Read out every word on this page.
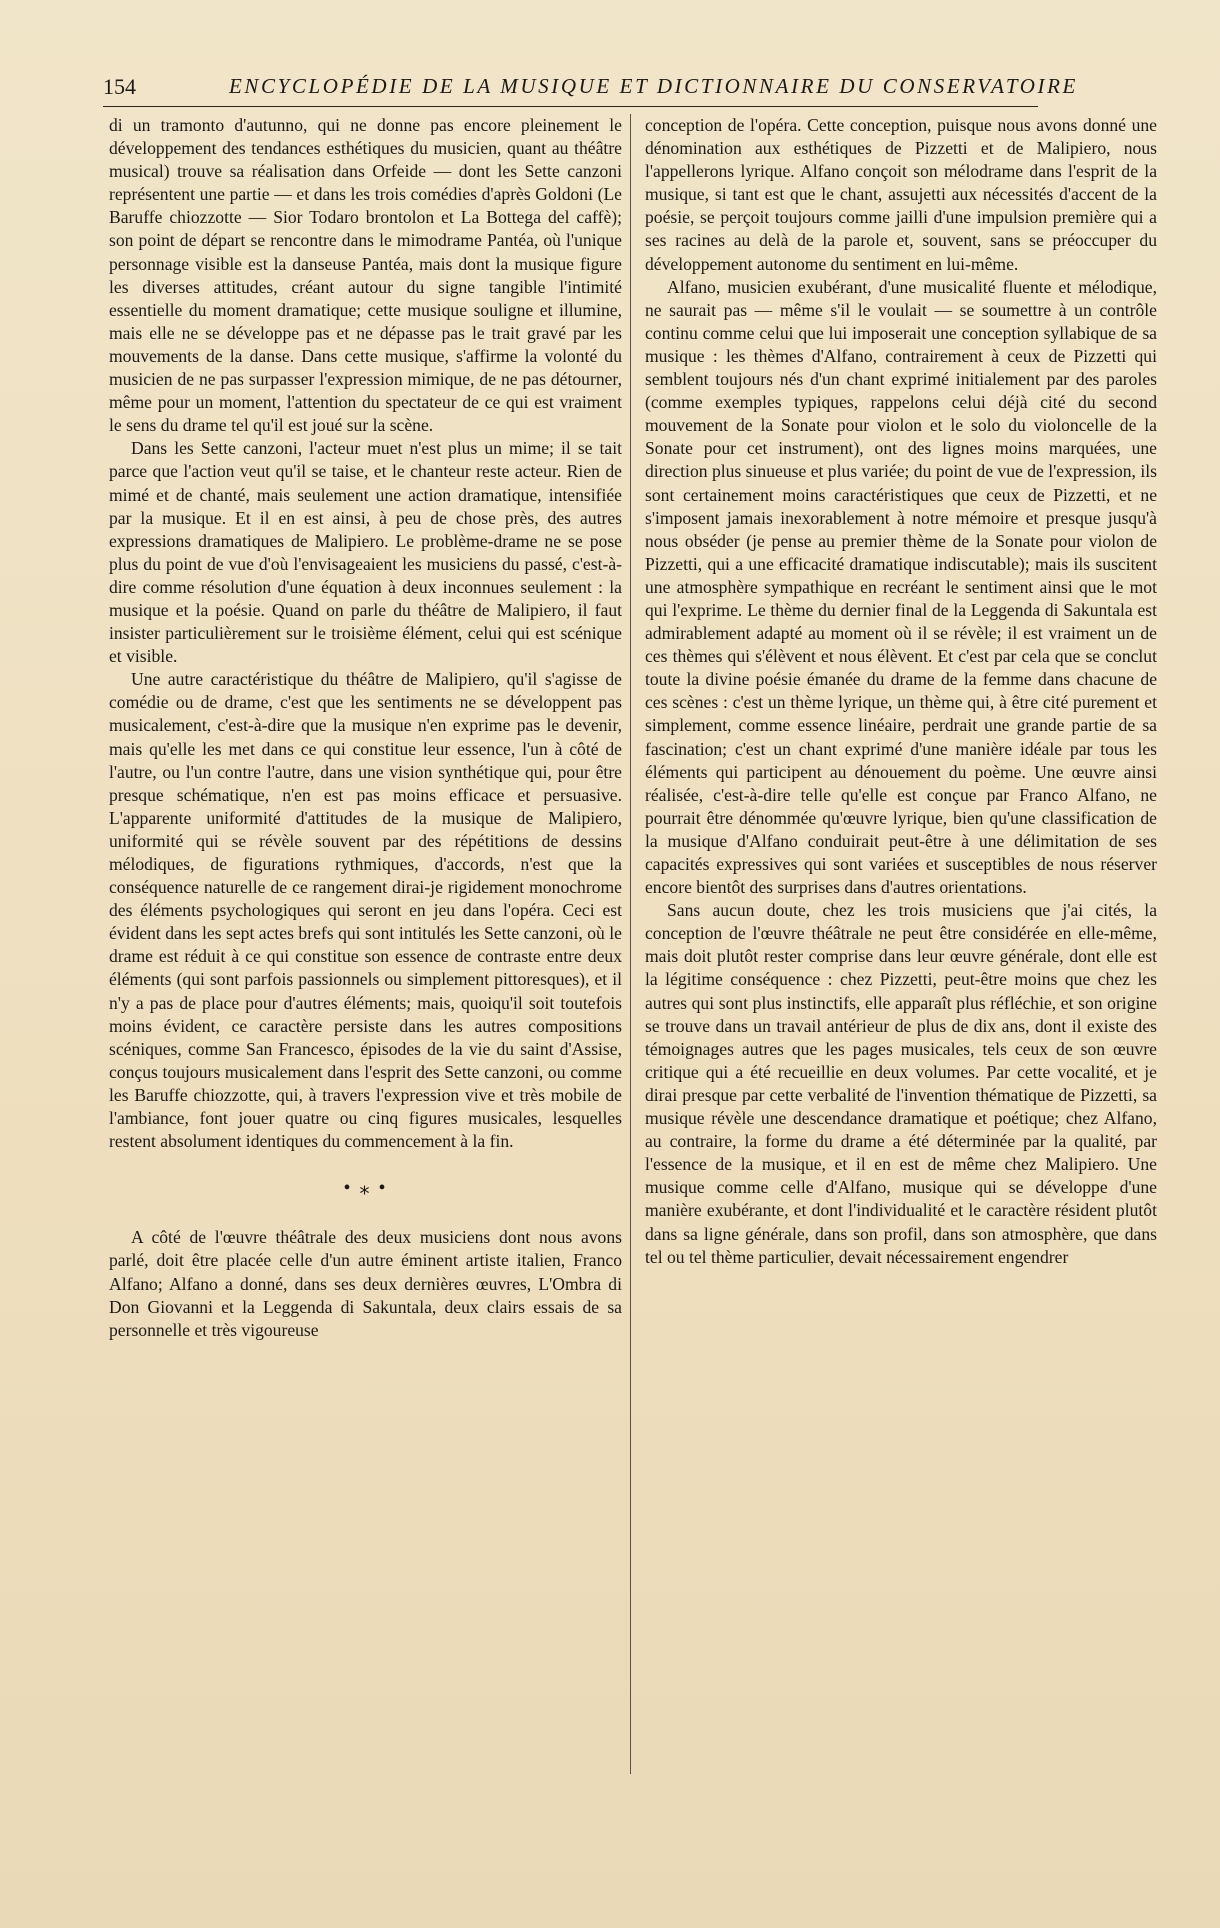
154	ENCYCLOPÉDIE DE LA MUSIQUE ET DICTIONNAIRE DU CONSERVATOIRE

di un tramonto d'autunno, qui ne donne pas encore pleinement le développement des tendances esthétiques du musicien, quant au théâtre musical) trouve sa réalisation dans Orfeide — dont les Sette canzoni représentent une partie — et dans les trois comédies d'après Goldoni (Le Baruffe chiozzotte — Sior Todaro brontolon et La Bottega del caffè); son point de départ se rencontre dans le mimodrame Pantéa, où l'unique personnage visible est la danseuse Pantéa, mais dont la musique figure les diverses attitudes, créant autour du signe tangible l'intimité essentielle du moment dramatique; cette musique souligne et illumine, mais elle ne se développe pas et ne dépasse pas le trait gravé par les mouvements de la danse. Dans cette musique, s'affirme la volonté du musicien de ne pas surpasser l'expression mimique, de ne pas détourner, même pour un moment, l'attention du spectateur de ce qui est vraiment le sens du drame tel qu'il est joué sur la scène.

Dans les Sette canzoni, l'acteur muet n'est plus un mime; il se tait parce que l'action veut qu'il se taise, et le chanteur reste acteur. Rien de mimé et de chanté, mais seulement une action dramatique, intensifiée par la musique. Et il en est ainsi, à peu de chose près, des autres expressions dramatiques de Malipiero. Le problème-drame ne se pose plus du point de vue d'où l'envisageaient les musiciens du passé, c'est-à-dire comme résolution d'une équation à deux inconnues seulement : la musique et la poésie. Quand on parle du théâtre de Malipiero, il faut insister particulièrement sur le troisième élément, celui qui est scénique et visible.

Une autre caractéristique du théâtre de Malipiero, qu'il s'agisse de comédie ou de drame, c'est que les sentiments ne se développent pas musicalement, c'est-à-dire que la musique n'en exprime pas le devenir, mais qu'elle les met dans ce qui constitue leur essence, l'un à côté de l'autre, ou l'un contre l'autre, dans une vision synthétique qui, pour être presque schématique, n'en est pas moins efficace et persuasive. L'apparente uniformité d'attitudes de la musique de Malipiero, uniformité qui se révèle souvent par des répétitions de dessins mélodiques, de figurations rythmiques, d'accords, n'est que la conséquence naturelle de ce rangement dirai-je rigidement monochrome des éléments psychologiques qui seront en jeu dans l'opéra. Ceci est évident dans les sept actes brefs qui sont intitulés les Sette canzoni, où le drame est réduit à ce qui constitue son essence de contraste entre deux éléments (qui sont parfois passionnels ou simplement pittoresques), et il n'y a pas de place pour d'autres éléments; mais, quoiqu'il soit toutefois moins évident, ce caractère persiste dans les autres compositions scéniques, comme San Francesco, épisodes de la vie du saint d'Assise, conçus toujours musicalement dans l'esprit des Sette canzoni, ou comme les Baruffe chiozzotte, qui, à travers l'expression vive et très mobile de l'ambiance, font jouer quatre ou cinq figures musicales, lesquelles restent absolument identiques du commencement à la fin.

• ⁎ •

A côté de l'œuvre théâtrale des deux musiciens dont nous avons parlé, doit être placée celle d'un autre éminent artiste italien, Franco Alfano; Alfano a donné, dans ses deux dernières œuvres, L'Ombra di Don Giovanni et la Leggenda di Sakuntala, deux clairs essais de sa personnelle et très vigoureuse

conception de l'opéra. Cette conception, puisque nous avons donné une dénomination aux esthétiques de Pizzetti et de Malipiero, nous l'appellerons lyrique. Alfano conçoit son mélodrame dans l'esprit de la musique, si tant est que le chant, assujetti aux nécessités d'accent de la poésie, se perçoit toujours comme jailli d'une impulsion première qui a ses racines au delà de la parole et, souvent, sans se préoccuper du développement autonome du sentiment en lui-même.

Alfano, musicien exubérant, d'une musicalité fluente et mélodique, ne saurait pas — même s'il le voulait — se soumettre à un contrôle continu comme celui que lui imposerait une conception syllabique de sa musique : les thèmes d'Alfano, contrairement à ceux de Pizzetti qui semblent toujours nés d'un chant exprimé initialement par des paroles (comme exemples typiques, rappelons celui déjà cité du second mouvement de la Sonate pour violon et le solo du violoncelle de la Sonate pour cet instrument), ont des lignes moins marquées, une direction plus sinueuse et plus variée; du point de vue de l'expression, ils sont certainement moins caractéristiques que ceux de Pizzetti, et ne s'imposent jamais inexorablement à notre mémoire et presque jusqu'à nous obséder (je pense au premier thème de la Sonate pour violon de Pizzetti, qui a une efficacité dramatique indiscutable); mais ils suscitent une atmosphère sympathique en recréant le sentiment ainsi que le mot qui l'exprime. Le thème du dernier final de la Leggenda di Sakuntala est admirablement adapté au moment où il se révèle; il est vraiment un de ces thèmes qui s'élèvent et nous élèvent. Et c'est par cela que se conclut toute la divine poésie émanée du drame de la femme dans chacune de ces scènes : c'est un thème lyrique, un thème qui, à être cité purement et simplement, comme essence linéaire, perdrait une grande partie de sa fascination; c'est un chant exprimé d'une manière idéale par tous les éléments qui participent au dénouement du poème. Une œuvre ainsi réalisée, c'est-à-dire telle qu'elle est conçue par Franco Alfano, ne pourrait être dénommée qu'œuvre lyrique, bien qu'une classification de la musique d'Alfano conduirait peut-être à une délimitation de ses capacités expressives qui sont variées et susceptibles de nous réserver encore bientôt des surprises dans d'autres orientations.

Sans aucun doute, chez les trois musiciens que j'ai cités, la conception de l'œuvre théâtrale ne peut être considérée en elle-même, mais doit plutôt rester comprise dans leur œuvre générale, dont elle est la légitime conséquence : chez Pizzetti, peut-être moins que chez les autres qui sont plus instinctifs, elle apparaît plus réfléchie, et son origine se trouve dans un travail antérieur de plus de dix ans, dont il existe des témoignages autres que les pages musicales, tels ceux de son œuvre critique qui a été recueillie en deux volumes. Par cette vocalité, et je dirai presque par cette verbalité de l'invention thématique de Pizzetti, sa musique révèle une descendance dramatique et poétique; chez Alfano, au contraire, la forme du drame a été déterminée par la qualité, par l'essence de la musique, et il en est de même chez Malipiero. Une musique comme celle d'Alfano, musique qui se développe d'une manière exubérante, et dont l'individualité et le caractère résident plutôt dans sa ligne générale, dans son profil, dans son atmosphère, que dans tel ou tel thème particulier, devait nécessairement engendrer
